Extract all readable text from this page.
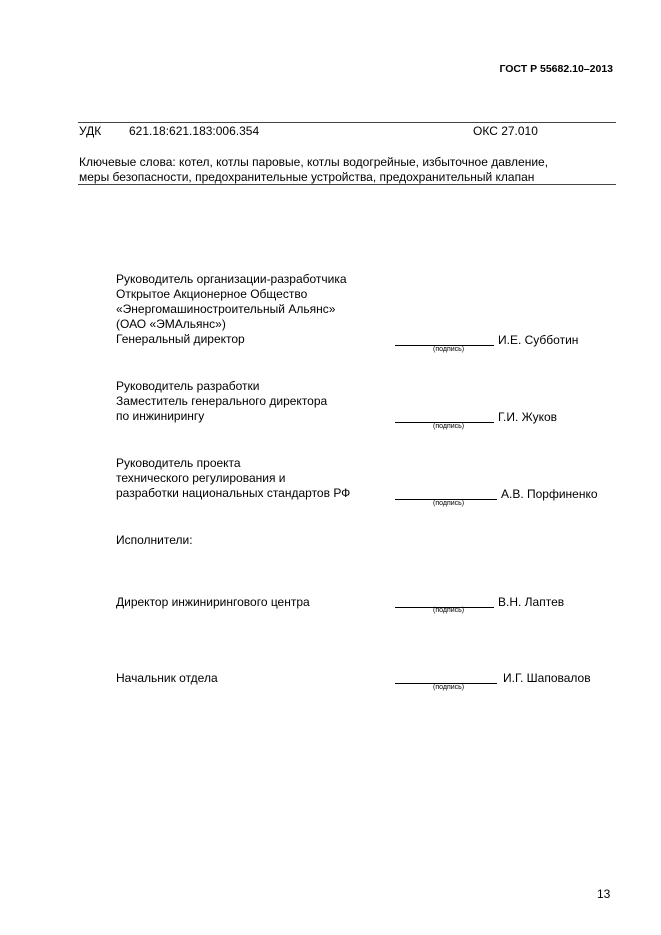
ГОСТ Р 55682.10–2013
УДК 621.18:621.183:006.354	ОКС 27.010
Ключевые слова: котел, котлы паровые, котлы водогрейные, избыточное давление,
меры безопасности, предохранительные устройства, предохранительный клапан
Руководитель организации-разработчика
Открытое Акционерное Общество
«Энергомашиностроительный Альянс»
(ОАО «ЭМАльянс»)
Генеральный директор
(подпись)
И.Е. Субботин
Руководитель разработки
Заместитель генерального директора
по инжинирингу
(подпись)
Г.И. Жуков
Руководитель проекта
технического регулирования и
разработки национальных стандартов РФ
(подпись)
А.В. Порфиненко
Исполнители:
Директор инжинирингового центра
(подпись)
В.Н. Лаптев
Начальник отдела
(подпись)
И.Г. Шаповалов
13
